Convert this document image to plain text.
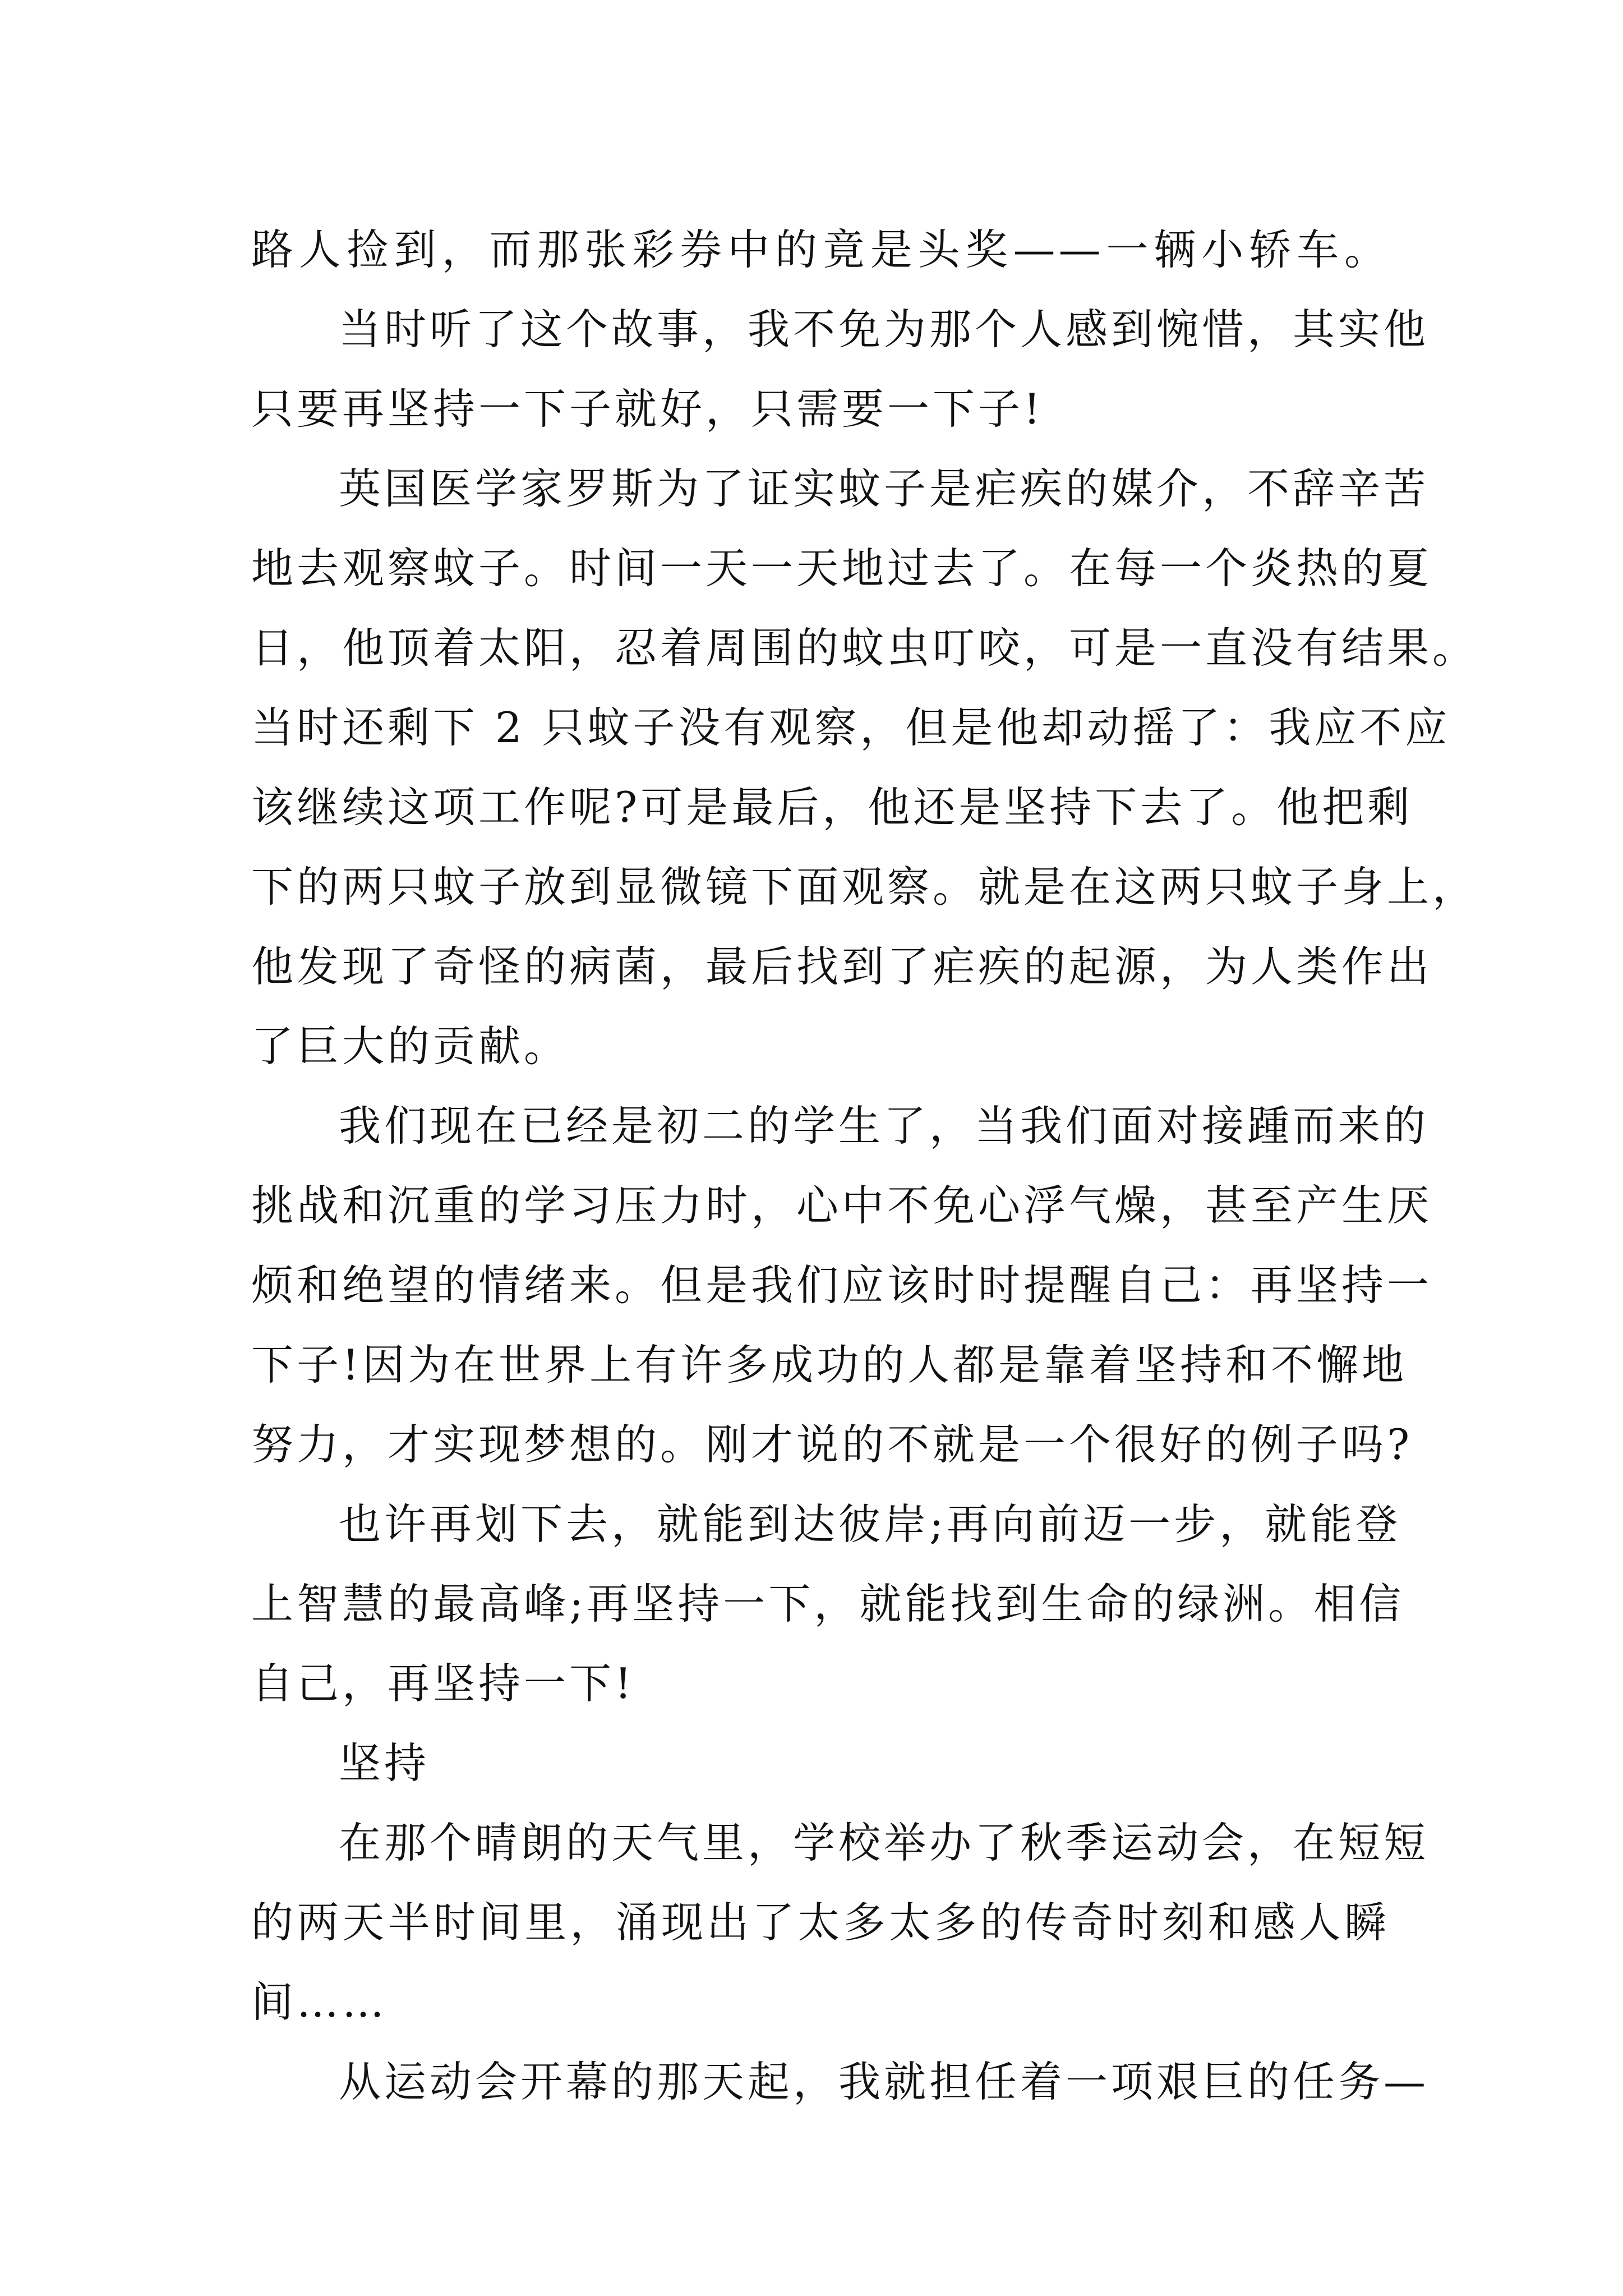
路人捡到，而那张彩券中的竟是头奖——一辆小轿车。
当时听了这个故事，我不免为那个人感到惋惜，其实他
只要再坚持一下子就好，只需要一下子!
英国医学家罗斯为了证实蚊子是疟疾的媒介，不辞辛苦
地去观察蚊子。时间一天一天地过去了。在每一个炎热的夏
日，他顶着太阳，忍着周围的蚊虫叮咬，可是一直没有结果。
当时还剩下 2 只蚊子没有观察，但是他却动摇了：我应不应
该继续这项工作呢?可是最后，他还是坚持下去了。他把剩
下的两只蚊子放到显微镜下面观察。就是在这两只蚊子身上，
他发现了奇怪的病菌，最后找到了疟疾的起源，为人类作出
了巨大的贡献。
我们现在已经是初二的学生了，当我们面对接踵而来的
挑战和沉重的学习压力时，心中不免心浮气燥，甚至产生厌
烦和绝望的情绪来。但是我们应该时时提醒自己：再坚持一
下子!因为在世界上有许多成功的人都是靠着坚持和不懈地
努力，才实现梦想的。刚才说的不就是一个很好的例子吗?
也许再划下去，就能到达彼岸;再向前迈一步，就能登
上智慧的最高峰;再坚持一下，就能找到生命的绿洲。相信
自己，再坚持一下!
坚持
在那个晴朗的天气里，学校举办了秋季运动会，在短短
的两天半时间里，涌现出了太多太多的传奇时刻和感人瞬
间……
从运动会开幕的那天起，我就担任着一项艰巨的任务—
